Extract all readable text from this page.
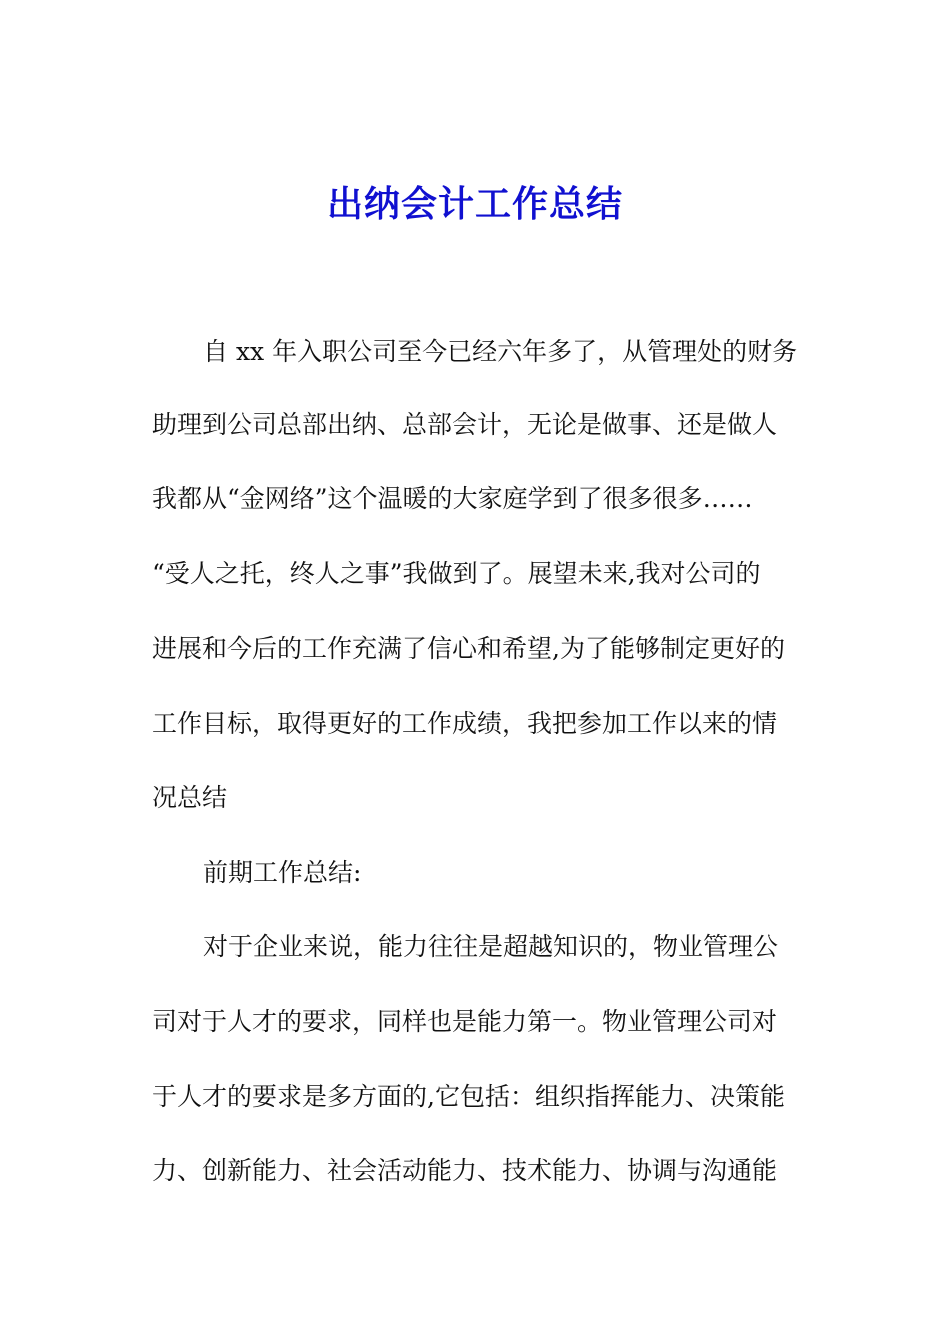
出纳会计工作总结
自 xx 年入职公司至今已经六年多了，从管理处的财务
助理到公司总部出纳、总部会计，无论是做事、还是做人
我都从“金网络”这个温暖的大家庭学到了很多很多……
“受人之托，终人之事”我做到了。展望未来,我对公司的
进展和今后的工作充满了信心和希望,为了能够制定更好的
工作目标，取得更好的工作成绩，我把参加工作以来的情
况总结
前期工作总结:
对于企业来说，能力往往是超越知识的，物业管理公
司对于人才的要求，同样也是能力第一。物业管理公司对
于人才的要求是多方面的,它包括：组织指挥能力、决策能
力、创新能力、社会活动能力、技术能力、协调与沟通能
